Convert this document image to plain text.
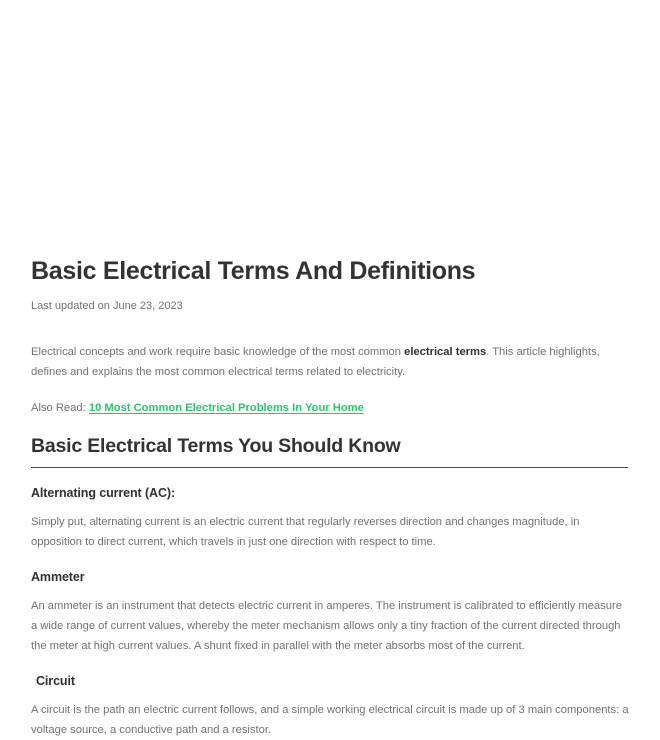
Basic Electrical Terms And Definitions
Last updated on June 23, 2023

Electrical concepts and work require basic knowledge of the most common electrical terms. This article highlights, defines and explains the most common electrical terms related to electricity.

Also Read: 10 Most Common Electrical Problems In Your Home

Basic Electrical Terms You Should Know
Alternating current (AC):

Simply put, alternating current is an electric current that regularly reverses direction and changes magnitude, in opposition to direct current, which travels in just one direction with respect to time.

Ammeter

An ammeter is an instrument that detects electric current in amperes. The instrument is calibrated to efficiently measure a wide range of current values, whereby the meter mechanism allows only a tiny fraction of the current directed through the meter at high current values. A shunt fixed in parallel with the meter absorbs most of the current.

Circuit

A circuit is the path an electric current follows, and a simple working electrical circuit is made up of 3 main components: a voltage source, a conductive path and a resistor.
